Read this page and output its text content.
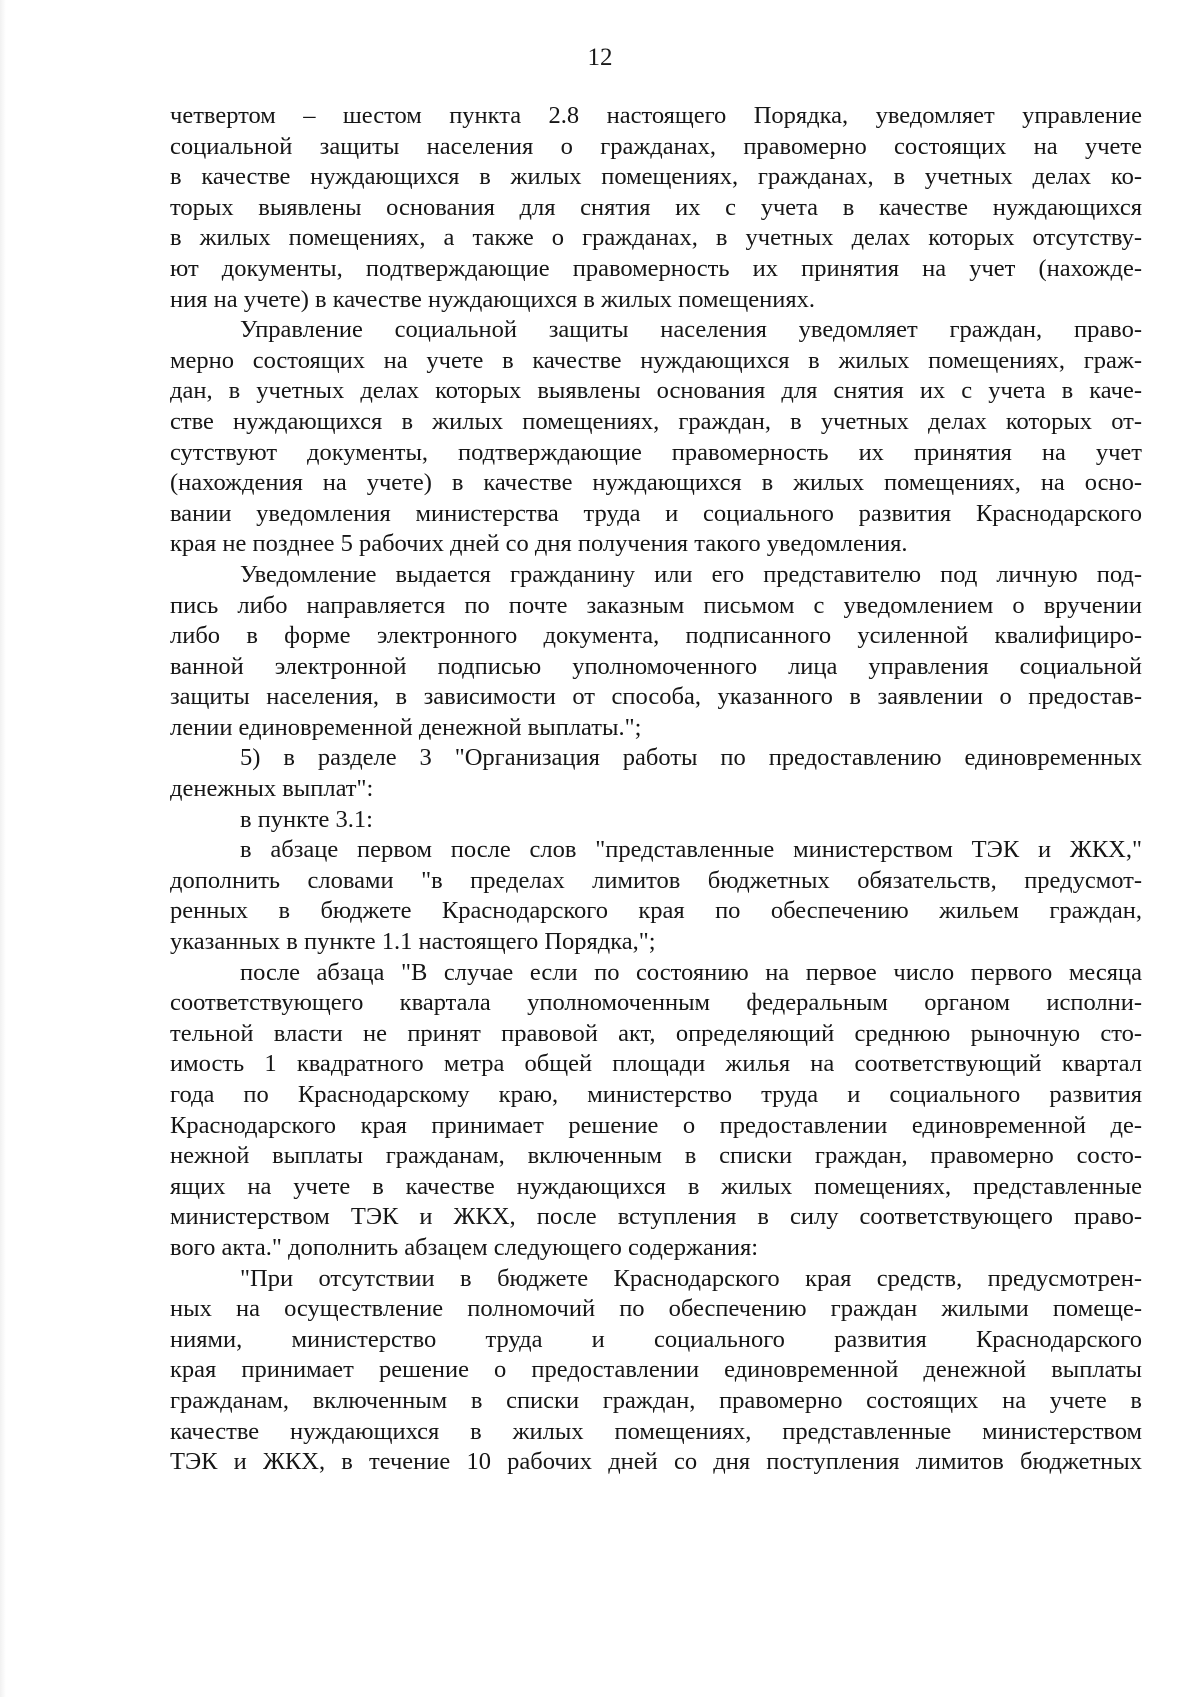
12
четвертом – шестом пункта 2.8 настоящего Порядка, уведомляет управление
социальной защиты населения о гражданах, правомерно состоящих на учете
в качестве нуждающихся в жилых помещениях, гражданах, в учетных делах ко-
торых выявлены основания для снятия их с учета в качестве нуждающихся
в жилых помещениях, а также о гражданах, в учетных делах которых отсутству-
ют документы, подтверждающие правомерность их принятия на учет (нахожде-
ния на учете) в качестве нуждающихся в жилых помещениях.
Управление социальной защиты населения уведомляет граждан, право-
мерно состоящих на учете в качестве нуждающихся в жилых помещениях, граж-
дан, в учетных делах которых выявлены основания для снятия их с учета в каче-
стве нуждающихся в жилых помещениях, граждан, в учетных делах которых от-
сутствуют документы, подтверждающие правомерность их принятия на учет
(нахождения на учете) в качестве нуждающихся в жилых помещениях, на осно-
вании уведомления министерства труда и социального развития Краснодарского
края не позднее 5 рабочих дней со дня получения такого уведомления.
Уведомление выдается гражданину или его представителю под личную под-
пись либо направляется по почте заказным письмом с уведомлением о вручении
либо в форме электронного документа, подписанного усиленной квалифициро-
ванной электронной подписью уполномоченного лица управления социальной
защиты населения, в зависимости от способа, указанного в заявлении о предостав-
лении единовременной денежной выплаты.";
5) в разделе 3 "Организация работы по предоставлению единовременных
денежных выплат":
в пункте 3.1:
в абзаце первом после слов "представленные министерством ТЭК и ЖКХ,"
дополнить словами "в пределах лимитов бюджетных обязательств, предусмот-
ренных в бюджете Краснодарского края по обеспечению жильем граждан,
указанных в пункте 1.1 настоящего Порядка,";
после абзаца "В случае если по состоянию на первое число первого месяца
соответствующего квартала уполномоченным федеральным органом исполни-
тельной власти не принят правовой акт, определяющий среднюю рыночную сто-
имость 1 квадратного метра общей площади жилья на соответствующий квартал
года по Краснодарскому краю, министерство труда и социального развития
Краснодарского края принимает решение о предоставлении единовременной де-
нежной выплаты гражданам, включенным в списки граждан, правомерно состо-
ящих на учете в качестве нуждающихся в жилых помещениях, представленные
министерством ТЭК и ЖКХ, после вступления в силу соответствующего право-
вого акта." дополнить абзацем следующего содержания:
"При отсутствии в бюджете Краснодарского края средств, предусмотрен-
ных на осуществление полномочий по обеспечению граждан жилыми помеще-
ниями, министерство труда и социального развития Краснодарского
края принимает решение о предоставлении единовременной денежной выплаты
гражданам, включенным в списки граждан, правомерно состоящих на учете в
качестве нуждающихся в жилых помещениях, представленные министерством
ТЭК и ЖКХ, в течение 10 рабочих дней со дня поступления лимитов бюджетных
